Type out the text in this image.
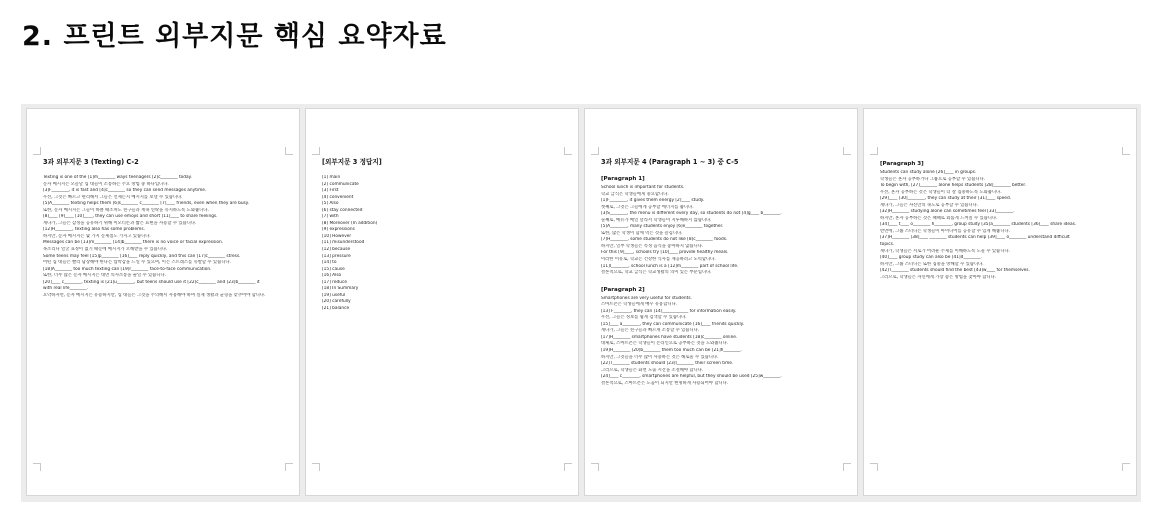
2. 프린트 외부지문 핵심 요약자료
3과 외부지문 3 (Texting) C-2
Texting is one of the [1]m________ ways teenagers [2]c________ today.
문자 메시지는 오늘날 십 대들이 소통하는 주요 방법 중 하나입니다.
[3]F________, it is fast and [4]c________ so they can send messages anytime.
우선, 그것은 빠르고 편리해서 그들은 언제든지 메시지를 보낼 수 있습니다.
[5]A________ texting helps them [6]s________ c________ [7]____ friends, even when they are busy.
또한, 문자 메시지는 그들이 바쁠 때조차도 친구들과 계속 연락을 유지하도록 도와줍니다.
[8]____ [9]____ [10]____, they can use emojis and short [11]____ to share feelings.
게다가, 그들은 감정을 공유하기 위해 이모티콘과 짧은 표현을 사용할 수 있습니다.
[12]H________, texting also has some problems.
하지만, 문자 메시지는 몇 가지 문제점도 가지고 있습니다.
Messages can be [13]m________ [14]b________ there is no voice or facial expression.
목소리나 얼굴 표정이 없기 때문에 메시지가 오해받을 수 있습니다.
Some teens may feel [15]p________ [16]____ reply quickly, and this can [17]c________ stress.
어떤 십 대들은 빨리 답장해야 한다는 압박감을 느낄 수 있으며, 이는 스트레스를 유발할 수 있습니다.
[18]A________ too much texting can [19]r________ face-to-face communication.
또한, 너무 많은 문자 메시지는 대면 의사소통을 줄일 수 있습니다.
[20]____ c________, texting is [21]u________, but teens should use it [22]c________ and [23]b________ it
with real life________.
요약하자면, 문자 메시지는 유용하지만, 십 대들은 그것을 주의해서 사용해야 하며 실제 생활과 균형을 맞추어야 합니다.
[외부지문 3 정답지]
[1] main
[2] communicate
[3] First
[4] convenient
[5] Also
[6] stay connected
[7] with
[8] Moreover (In addition)
[9] expressions
[10] However
[11] misunderstood
[12] because
[13] pressure
[14] to
[15] cause
[16] Also
[17] reduce
[18] In Summary
[19] useful
[20] carefully
[21] balance
3과 외부지문 4 (Paragraph 1 ~ 3) 중 C-5
[Paragraph 1]
School lunch is important for students.
학교 급식은 학생들에게 중요합니다.
[1]F________, it gives them energy [2]____ study.
첫째로, 그것은 그들에게 공부할 에너지를 줍니다.
[3]S________, the menu is different every day, so students do not [4]g____ b________.
둘째로, 메뉴가 매일 달라서 학생들이 지루해하지 않습니다.
[5]A________, many students enjoy [6]e________ together.
또한, 많은 학생이 함께 먹는 것을 즐깁니다.
[7]H________, some students do not like [8]c________ foods.
하지만, 일부 학생들은 특정 음식을 좋아하지 않습니다.
For this [9]____, schools try [10]____ provide healthy meals.
이러한 이유로, 학교는 건강한 식사를 제공하려고 노력합니다.
[11]I________, school lunch is a [12]m________ part of school life.
결론적으로, 학교 급식은 학교생활의 의미 있는 부분입니다.
[Paragraph 2]
Smartphones are very useful for students.
스마트폰은 학생들에게 매우 유용합니다.
[13] F________, they can [14]____________ for information easily.
우선, 그들은 정보를 쉽게 검색할 수 있습니다.
[15]____ a________, they can communicate [16]____ friends quickly.
게다가, 그들은 친구들과 빠르게 소통할 수 있습니다.
[17]H________ smartphones have students [18]c________ online.
대체로, 스마트폰은 학생들이 온라인으로 공부하는 것을 도와줍니다.
[19]H________ [20]b________ them too much can be [21]h________.
하지만, 그것들을 너무 많이 사용하는 것은 해로울 수 있습니다.
[22]T________ students should [23]l________ their screen time.
그러므로, 학생들은 화면 노출 시간을 조절해야 합니다.
[24]____ c________, smartphones are helpful, but they should be used [25]w________.
결론적으로, 스마트폰은 도움이 되지만 현명하게 사용되어야 합니다.
[Paragraph 3]
Students can study alone [26]____ in groups.
학생들은 혼자 공부하거나 그룹으로 공부할 수 있습니다.
To begin with, [27]________ alone helps students [28]________ better.
우선, 혼자 공부하는 것은 학생들이 더 잘 집중하도록 도와줍니다.
[29]____ [30]________, they can study at their [31]____ speed.
게다가, 그들은 자신만의 속도로 공부할 수 있습니다.
[32]H________ studying alone can sometimes feel [33]________.
하지만, 혼자 공부하는 것은 때때로 외롭게 느껴질 수 있습니다.
[34]____ t____ o________ h________, group study [35]a________ students [36]____ share ideas.
반면에, 그룹 스터디는 학생들이 아이디어를 공유할 수 있게 해줍니다.
[37]H________ [38]____ ________ students can help [39]____ o________ understand difficult
topics.
게다가, 학생들은 서로가 어려운 주제를 이해하도록 도울 수 있습니다.
[40]____ group study can also be [41]d________.
하지만, 그룹 스터디는 또한 집중을 방해할 수 있습니다.
[42]T________ students should find the best [43]w____ for themselves.
그러므로, 학생들은 자신에게 가장 좋은 방법을 찾아야 합니다.
